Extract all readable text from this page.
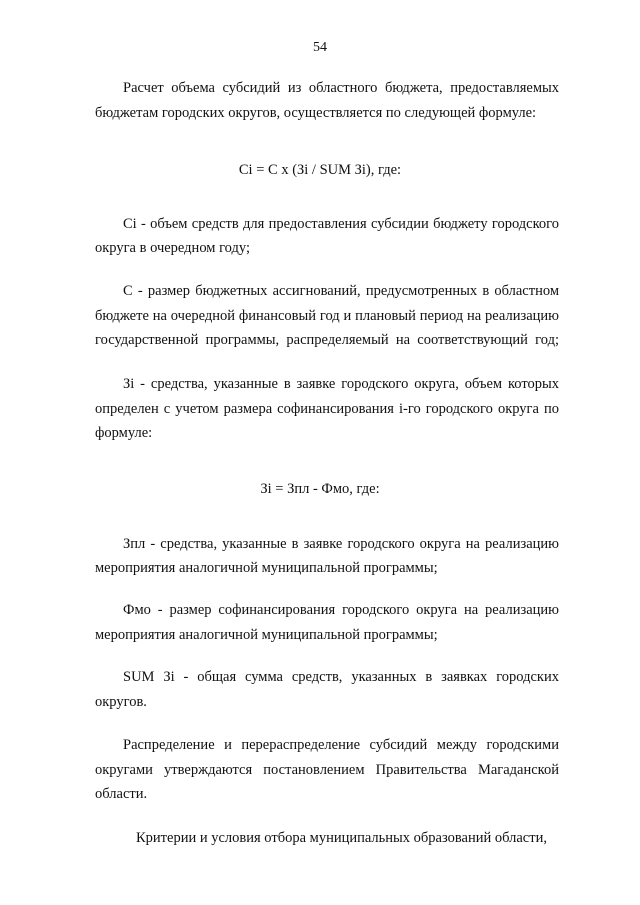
54
Расчет объема субсидий из областного бюджета, предоставляемых
бюджетам городских округов, осуществляется по следующей формуле:
Ci = C x (Зi / SUM Зi), где:
Ci - объем средств для предоставления субсидии бюджету городского
округа в очередном году;
C - размер бюджетных ассигнований, предусмотренных в областном
бюджете на очередной финансовый год и плановый период на реализацию
государственной программы, распределяемый на соответствующий год;
Зi - средства, указанные в заявке городского округа, объем которых
определен с учетом размера софинансирования i-го городского округа по
формуле:
Зi = Зпл - Фмо, где:
Зпл - средства, указанные в заявке городского округа на реализацию
мероприятия аналогичной муниципальной программы;
Фмо - размер софинансирования городского округа на реализацию
мероприятия аналогичной муниципальной программы;
SUM Зi - общая сумма средств, указанных в заявках городских
округов.
Распределение и перераспределение субсидий между городскими
округами утверждаются постановлением Правительства Магаданской
области.
Критерии и условия отбора муниципальных образований области,
